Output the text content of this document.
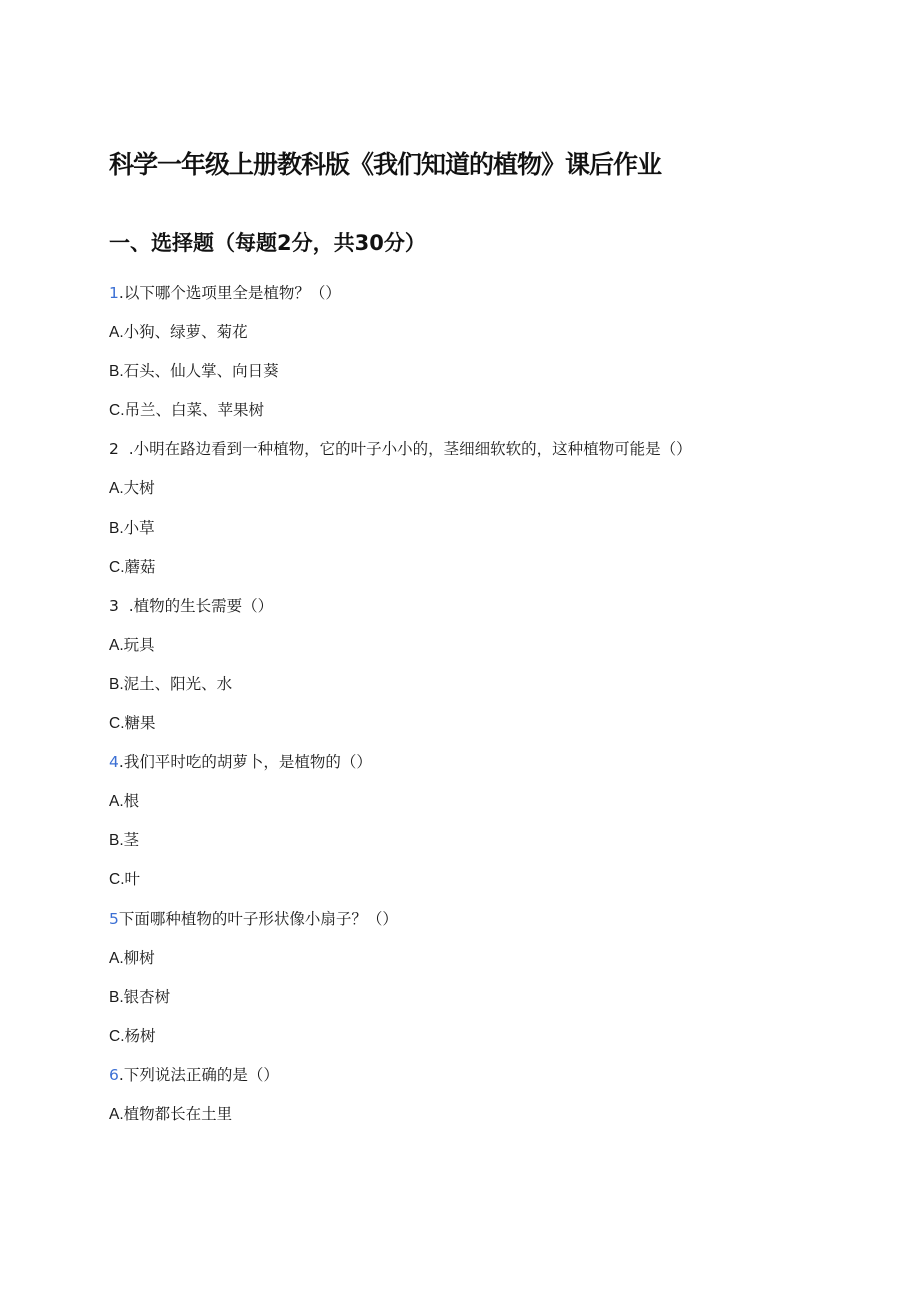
科学一年级上册教科版《我们知道的植物》课后作业
一、选择题（每题2分，共30分）
1.以下哪个选项里全是植物？（）
A.小狗、绿萝、菊花
B.石头、仙人掌、向日葵
C.吊兰、白菜、苹果树
2  .小明在路边看到一种植物，它的叶子小小的，茎细细软软的，这种植物可能是（）
A.大树
B.小草
C.蘑菇
3  .植物的生长需要（）
A.玩具
B.泥土、阳光、水
C.糖果
4.我们平时吃的胡萝卜，是植物的（）
A.根
B.茎
C.叶
5下面哪种植物的叶子形状像小扇子？（）
A.柳树
B.银杏树
C.杨树
6.下列说法正确的是（）
A.植物都长在土里
